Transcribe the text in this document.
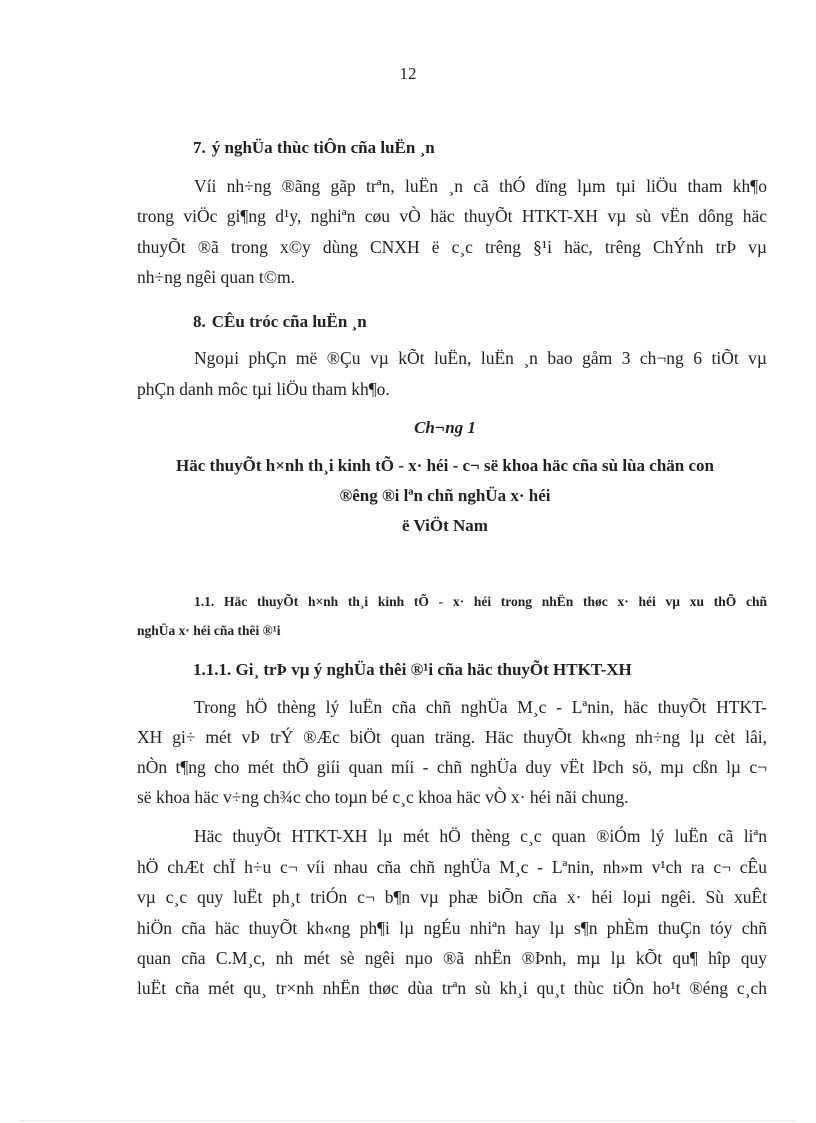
12
7. ý nghÜa thùc tiÔn cña luËn ¸n
Víi nh÷ng ®ãng gãp trªn, luËn ¸n cã thÓ dïng lµm tµi liÖu tham kh¶o
trong viÖc gi¶ng d¹y, nghiªn cøu vÒ häc thuyÕt HTKT-XH vµ sù vËn dông häc
thuyÕt ®ã trong x©y dùng CNXH ë c¸c trêng §¹i häc, trêng ChÝnh trÞ vµ
nh÷ng ngêi quan t©m.
8. CÊu tróc cña luËn ¸n
Ngoµi phÇn më ®Çu vµ kÕt luËn, luËn ¸n bao gåm 3 ch¬ng 6 tiÕt vµ
phÇn danh môc tµi liÖu tham kh¶o.
Ch¬ng 1
Häc thuyÕt h×nh th¸i kinh tÕ - x· héi - c¬ së khoa häc cña sù lùa chän con
®êng ®i lªn chñ nghÜa x· héi
ë ViÖt Nam
1.1. Häc thuyÕt h×nh th¸i kinh tÕ - x· héi trong nhËn thøc x· héi vµ xu thÕ chñ
nghÜa x· héi cña thêi ®¹i
1.1.1. Gi¸ trÞ vµ ý nghÜa thêi ®¹i cña häc thuyÕt HTKT-XH
Trong hÖ thèng lý luËn cña chñ nghÜa M¸c - Lªnin, häc thuyÕt HTKT-
XH gi÷ mét vÞ trÝ ®Æc biÖt quan träng. Häc thuyÕt kh«ng nh÷ng lµ cèt lâi,
nÒn t¶ng cho mét thÕ giíi quan míi - chñ nghÜa duy vËt lÞch sö, mµ cßn lµ c¬
së khoa häc v÷ng ch¾c cho toµn bé c¸c khoa häc vÒ x· héi nãi chung.
Häc thuyÕt HTKT-XH lµ mét hÖ thèng c¸c quan ®iÓm lý luËn cã liªn
hÖ chÆt chÏ h÷u c¬ víi nhau cña chñ nghÜa M¸c - Lªnin, nh»m v¹ch ra c¬ cÊu
vµ c¸c quy luËt ph¸t triÓn c¬ b¶n vµ phæ biÕn cña x· héi loµi ngêi. Sù xuÊt
hiÖn cña häc thuyÕt kh«ng ph¶i lµ ngÉu nhiªn hay lµ s¶n phÈm thuÇn tóy chñ
quan cña C.M¸c, nh mét sè ngêi nµo ®ã nhËn ®Þnh, mµ lµ kÕt qu¶ hîp quy
luËt cña mét qu¸ tr×nh nhËn thøc dùa trªn sù kh¸i qu¸t thùc tiÔn ho¹t ®éng c¸ch
